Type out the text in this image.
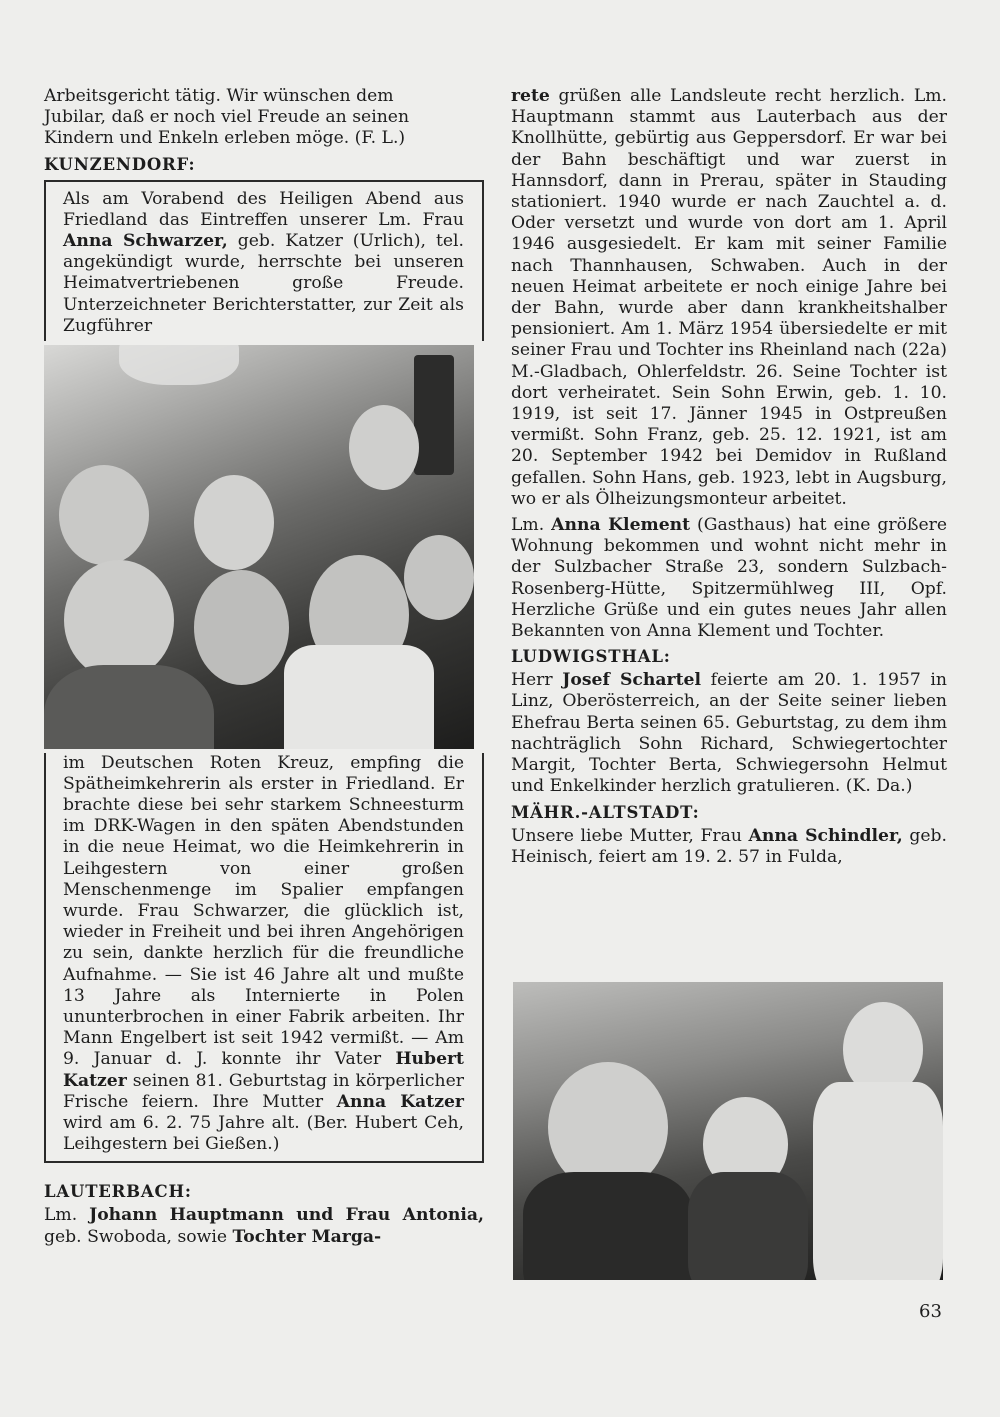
Arbeitsgericht tätig. Wir wünschen dem
Jubilar, daß er noch viel Freude an seinen
Kindern und Enkeln erleben möge. (F. L.)

KUNZENDORF:
Als am Vorabend des Heiligen Abend aus Friedland das Eintreffen unserer Lm. Frau Anna Schwarzer, geb. Katzer (Urlich), tel. angekündigt wurde, herrschte bei unseren Heimatvertriebenen große Freude. Unterzeichneter Berichterstatter, zur Zeit als Zugführer
im Deutschen Roten Kreuz, empfing die Spätheimkehrerin als erster in Friedland. Er brachte diese bei sehr starkem Schneesturm im DRK-Wagen in den späten Abendstunden in die neue Heimat, wo die Heimkehrerin in Leihgestern von einer großen Menschenmenge im Spalier empfangen wurde. Frau Schwarzer, die glücklich ist, wieder in Freiheit und bei ihren Angehörigen zu sein, dankte herzlich für die freundliche Aufnahme. — Sie ist 46 Jahre alt und mußte 13 Jahre als Internierte in Polen ununterbrochen in einer Fabrik arbeiten. Ihr Mann Engelbert ist seit 1942 vermißt. — Am 9. Januar d. J. konnte ihr Vater Hubert Katzer seinen 81. Geburtstag in körperlicher Frische feiern. Ihre Mutter Anna Katzer wird am 6. 2. 75 Jahre alt. (Ber. Hubert Ceh, Leihgestern bei Gießen.)
LAUTERBACH:

Lm. Johann Hauptmann und Frau Antonia, geb. Swoboda, sowie Tochter Marga-

rete grüßen alle Landsleute recht herzlich. Lm. Hauptmann stammt aus Lauterbach aus der Knollhütte, gebürtig aus Geppersdorf. Er war bei der Bahn beschäftigt und war zuerst in Hannsdorf, dann in Prerau, später in Stauding stationiert. 1940 wurde er nach Zauchtel a. d. Oder versetzt und wurde von dort am 1. April 1946 ausgesiedelt. Er kam mit seiner Familie nach Thannhausen, Schwaben. Auch in der neuen Heimat arbeitete er noch einige Jahre bei der Bahn, wurde aber dann krankheitshalber pensioniert. Am 1. März 1954 übersiedelte er mit seiner Frau und Tochter ins Rheinland nach (22a) M.-Gladbach, Ohlerfeldstr. 26. Seine Tochter ist dort verheiratet. Sein Sohn Erwin, geb. 1. 10. 1919, ist seit 17. Jänner 1945 in Ostpreußen vermißt. Sohn Franz, geb. 25. 12. 1921, ist am 20. September 1942 bei Demidov in Rußland gefallen. Sohn Hans, geb. 1923, lebt in Augsburg, wo er als Ölheizungsmonteur arbeitet.

Lm. Anna Klement (Gasthaus) hat eine größere Wohnung bekommen und wohnt nicht mehr in der Sulzbacher Straße 23, sondern Sulzbach-Rosenberg-Hütte, Spitzermühlweg III, Opf. Herzliche Grüße und ein gutes neues Jahr allen Bekannten von Anna Klement und Tochter.

LUDWIGSTHAL:

Herr Josef Schartel feierte am 20. 1. 1957 in Linz, Oberösterreich, an der Seite seiner lieben Ehefrau Berta seinen 65. Geburtstag, zu dem ihm nachträglich Sohn Richard, Schwiegertochter Margit, Tochter Berta, Schwiegersohn Helmut und Enkelkinder herzlich gratulieren. (K. Da.)

MÄHR.-ALTSTADT:

Unsere liebe Mutter, Frau Anna Schindler, geb. Heinisch, feiert am 19. 2. 57 in Fulda,

63
